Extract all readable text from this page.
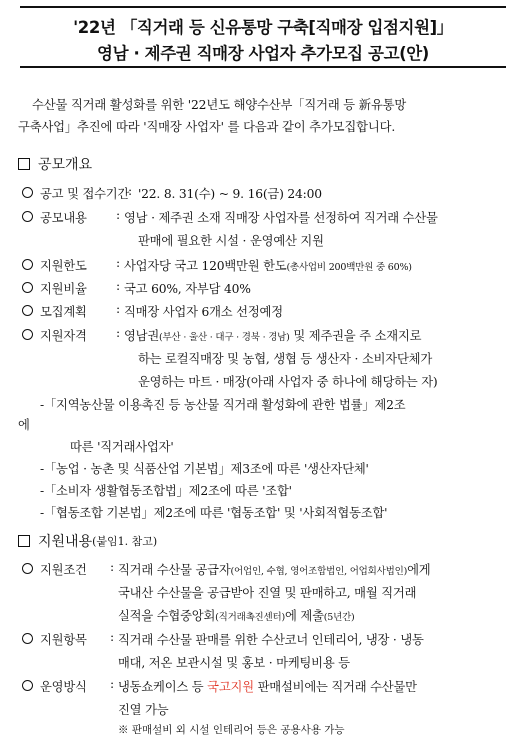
'22년 「직거래 등 신유통망 구축[직매장 입점지원]」
영남 · 제주권 직매장 사업자 추가모집 공고(안)
수산물 직거래 활성화를 위한 '22년도 해양수산부「직거래 등 新유통망
구축사업」추진에 따라 '직매장 사업자' 를 다음과 같이 추가모집합니다.
공모개요
공고 및 접수기간
: '22. 8. 31(수) ~ 9. 16(금) 24:00
공모내용 : 영남 · 제주권 소재 직매장 사업자를 선정하여 직거래 수산물
판매에 필요한 시설 · 운영예산 지원
지원한도 : 사업자당 국고 120백만원 한도(총사업비 200백만원 중 60%)
지원비율 : 국고 60%, 자부담 40%
모집계획 : 직매장 사업자 6개소 선정예정
지원자격 : 영남권(부산 · 울산 · 대구 · 경북 · 경남) 및 제주권을 주 소재지로
하는 로컬직매장 및 농협, 생협 등 생산자 · 소비자단체가
운영하는 마트 · 매장(아래 사업자 중 하나에 해당하는 자)
-「지역농산물 이용촉진 등 농산물 직거래 활성화에 관한 법률」제2조
에
따른 '직거래사업자'
-「농업 · 농촌 및 식품산업 기본법」제3조에 따른 '생산자단체'
-「소비자 생활협동조합법」제2조에 따른 '조합'
-「협동조합 기본법」제2조에 따른 '협동조합' 및 '사회적협동조합'
지원내용 (붙임1. 참고)
지원조건 : 직거래 수산물 공급자(어업인, 수협, 영어조합법인, 어업회사법인)에게
국내산 수산물을 공급받아 진열 및 판매하고, 매월 직거래
실적을 수협중앙회(직거래촉진센터)에 제출(5년간)
지원항목 : 직거래 수산물 판매를 위한 수산코너 인테리어, 냉장 · 냉동
매대, 저온 보관시설 및 홍보 · 마케팅비용 등
운영방식 : 냉동쇼케이스 등 국고지원 판매설비에는 직거래 수산물만
진열 가능
※ 판매설비 외 시설 인테리어 등은 공용사용 가능
